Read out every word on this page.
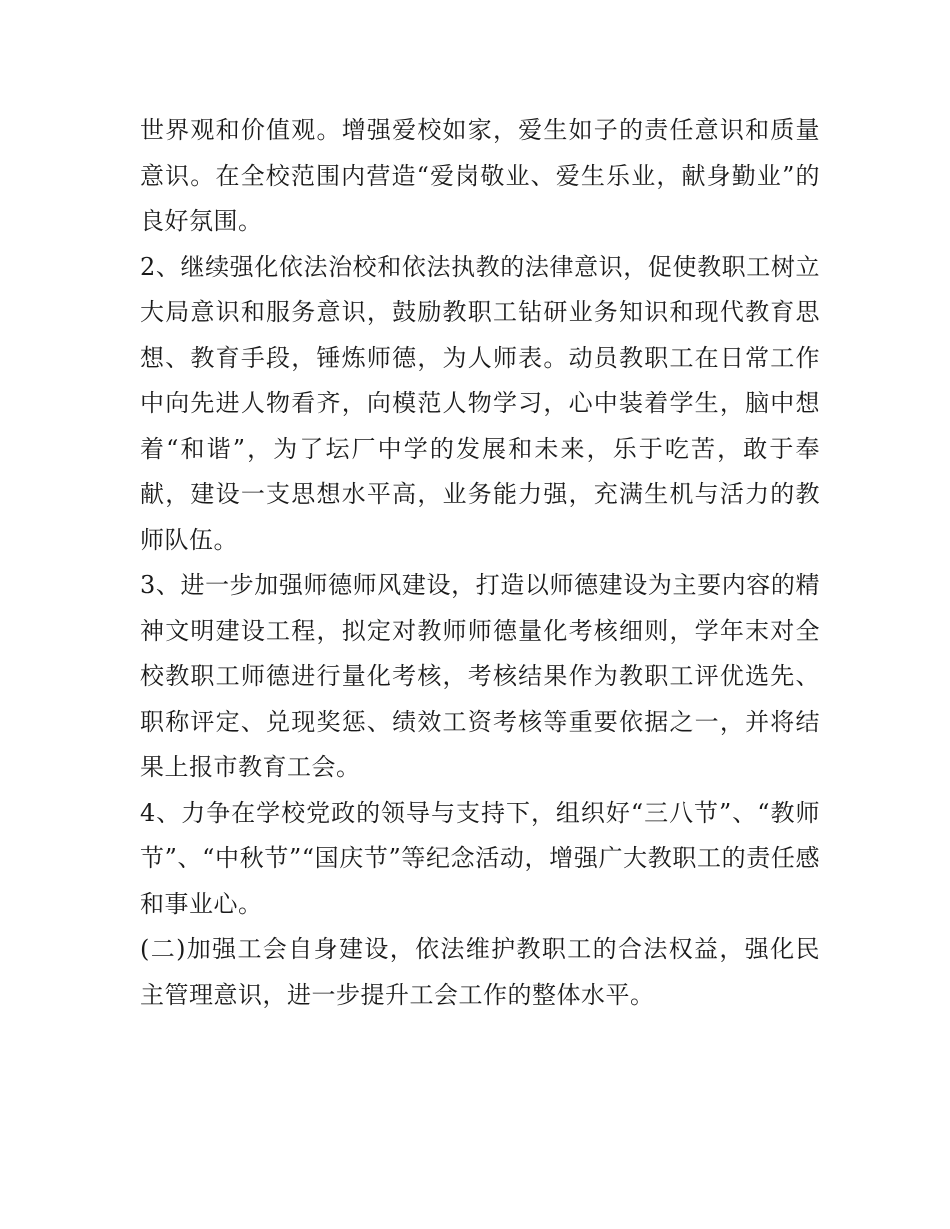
世界观和价值观。增强爱校如家，爱生如子的责任意识和质量意识。在全校范围内营造“爱岗敬业、爱生乐业，献身勤业”的良好氛围。

2、继续强化依法治校和依法执教的法律意识，促使教职工树立大局意识和服务意识，鼓励教职工钻研业务知识和现代教育思想、教育手段，锤炼师德，为人师表。动员教职工在日常工作中向先进人物看齐，向模范人物学习，心中装着学生，脑中想着“和谐”，为了坛厂中学的发展和未来，乐于吃苦，敢于奉献，建设一支思想水平高，业务能力强，充满生机与活力的教师队伍。

3、进一步加强师德师风建设，打造以师德建设为主要内容的精神文明建设工程，拟定对教师师德量化考核细则，学年末对全校教职工师德进行量化考核，考核结果作为教职工评优选先、职称评定、兑现奖惩、绩效工资考核等重要依据之一，并将结果上报市教育工会。

4、力争在学校党政的领导与支持下，组织好“三八节”、“教师节”、“中秋节”“国庆节”等纪念活动，增强广大教职工的责任感和事业心。

(二)加强工会自身建设，依法维护教职工的合法权益，强化民主管理意识，进一步提升工会工作的整体水平。
